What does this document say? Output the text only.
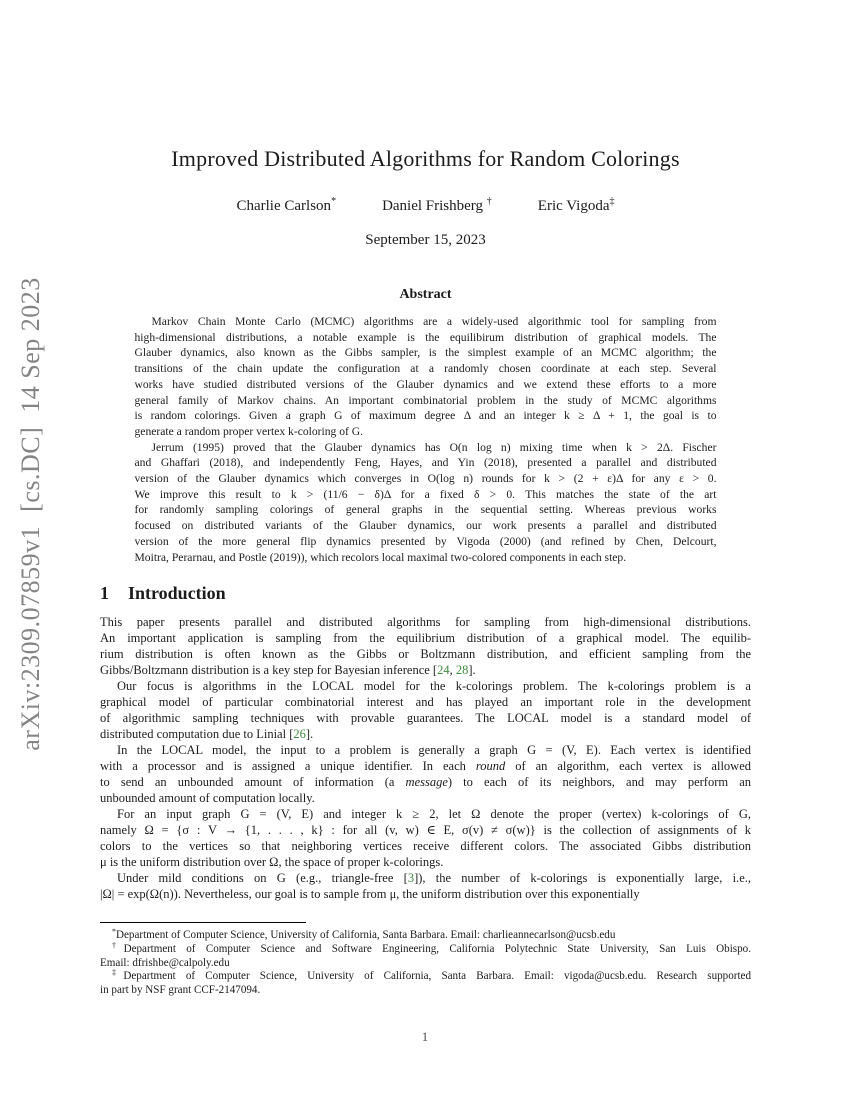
arXiv:2309.07859v1  [cs.DC]  14 Sep 2023
Improved Distributed Algorithms for Random Colorings
Charlie Carlson*	Daniel Frishberg †	Eric Vigoda‡
September 15, 2023
Abstract
Markov Chain Monte Carlo (MCMC) algorithms are a widely-used algorithmic tool for sampling from
high-dimensional distributions, a notable example is the equilibirum distribution of graphical models. The
Glauber dynamics, also known as the Gibbs sampler, is the simplest example of an MCMC algorithm; the
transitions of the chain update the configuration at a randomly chosen coordinate at each step. Several
works have studied distributed versions of the Glauber dynamics and we extend these efforts to a more
general family of Markov chains. An important combinatorial problem in the study of MCMC algorithms
is random colorings. Given a graph G of maximum degree Δ and an integer k ≥ Δ + 1, the goal is to
generate a random proper vertex k-coloring of G.
Jerrum (1995) proved that the Glauber dynamics has O(n log n) mixing time when k > 2Δ. Fischer
and Ghaffari (2018), and independently Feng, Hayes, and Yin (2018), presented a parallel and distributed
version of the Glauber dynamics which converges in O(log n) rounds for k > (2 + ε)Δ for any ε > 0.
We improve this result to k > (11/6 − δ)Δ for a fixed δ > 0. This matches the state of the art
for randomly sampling colorings of general graphs in the sequential setting. Whereas previous works
focused on distributed variants of the Glauber dynamics, our work presents a parallel and distributed
version of the more general flip dynamics presented by Vigoda (2000) (and refined by Chen, Delcourt,
Moitra, Perarnau, and Postle (2019)), which recolors local maximal two-colored components in each step.
1 Introduction
This paper presents parallel and distributed algorithms for sampling from high-dimensional distributions.
An important application is sampling from the equilibrium distribution of a graphical model. The equilib-
rium distribution is often known as the Gibbs or Boltzmann distribution, and efficient sampling from the
Gibbs/Boltzmann distribution is a key step for Bayesian inference [24, 28].
Our focus is algorithms in the LOCAL model for the k-colorings problem. The k-colorings problem is a
graphical model of particular combinatorial interest and has played an important role in the development
of algorithmic sampling techniques with provable guarantees. The LOCAL model is a standard model of
distributed computation due to Linial [26].
In the LOCAL model, the input to a problem is generally a graph G = (V, E). Each vertex is identified
with a processor and is assigned a unique identifier. In each round of an algorithm, each vertex is allowed
to send an unbounded amount of information (a message) to each of its neighbors, and may perform an
unbounded amount of computation locally.
For an input graph G = (V, E) and integer k ≥ 2, let Ω denote the proper (vertex) k-colorings of G,
namely Ω = {σ : V → {1, . . . , k} : for all (v, w) ∈ E, σ(v) ≠ σ(w)} is the collection of assignments of k
colors to the vertices so that neighboring vertices receive different colors. The associated Gibbs distribution
μ is the uniform distribution over Ω, the space of proper k-colorings.
Under mild conditions on G (e.g., triangle-free [3]), the number of k-colorings is exponentially large, i.e.,
|Ω| = exp(Ω(n)). Nevertheless, our goal is to sample from μ, the uniform distribution over this exponentially
*Department of Computer Science, University of California, Santa Barbara. Email: charlieannecarlson@ucsb.edu
†Department of Computer Science and Software Engineering, California Polytechnic State University, San Luis Obispo.
Email: dfrishbe@calpoly.edu
‡Department of Computer Science, University of California, Santa Barbara. Email: vigoda@ucsb.edu. Research supported
in part by NSF grant CCF-2147094.
1
